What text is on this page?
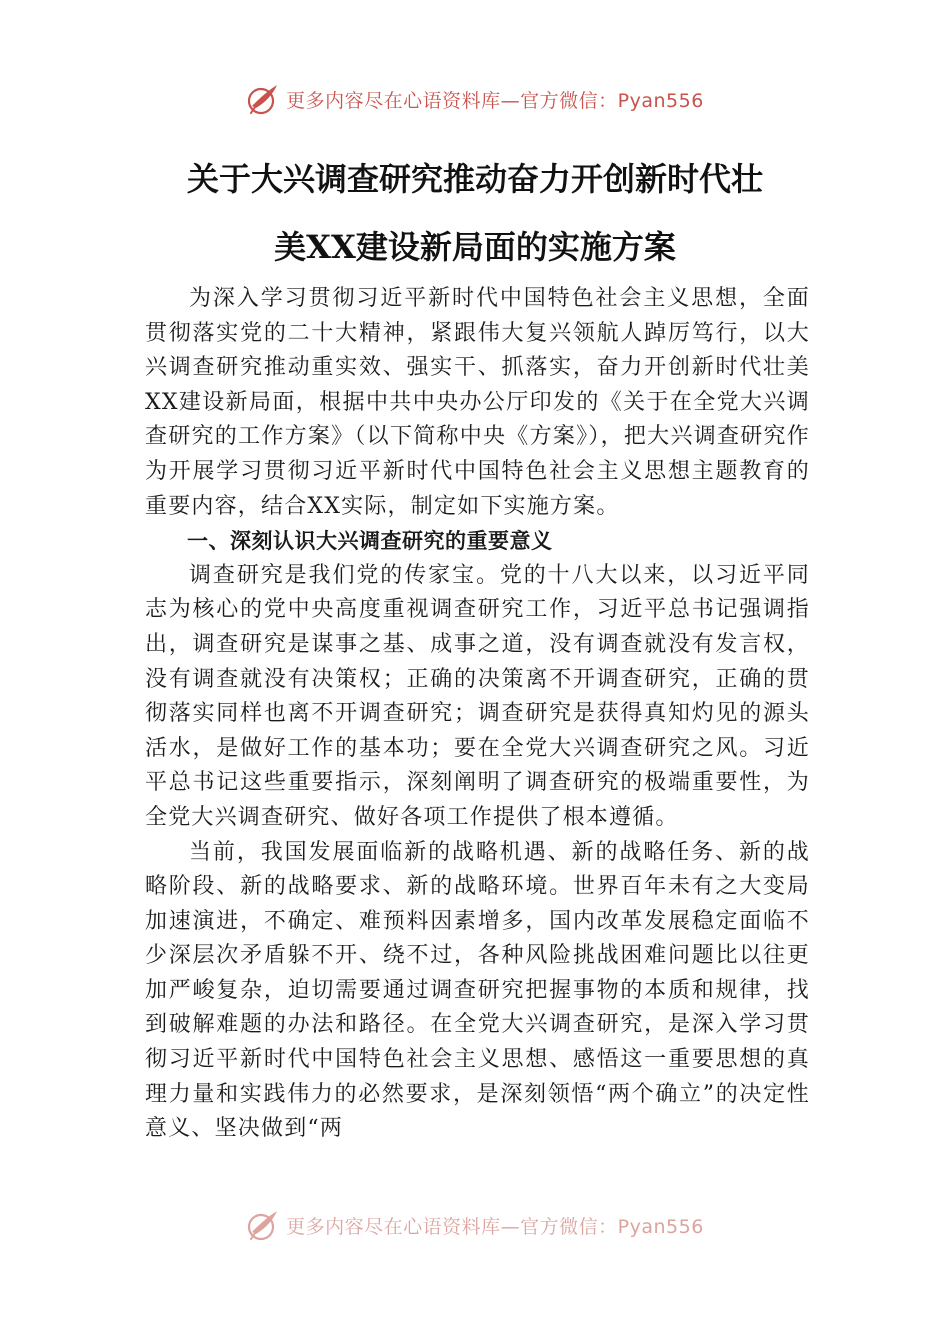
更多内容尽在心语资料库—官方微信：Pyan556
关于大兴调查研究推动奋力开创新时代壮
美XX建设新局面的实施方案

为深入学习贯彻习近平新时代中国特色社会主义思想，全面贯彻落实党的二十大精神，紧跟伟大复兴领航人踔厉笃行，以大兴调查研究推动重实效、强实干、抓落实，奋力开创新时代壮美XX建设新局面，根据中共中央办公厅印发的《关于在全党大兴调查研究的工作方案》（以下简称中央《方案》），把大兴调查研究作为开展学习贯彻习近平新时代中国特色社会主义思想主题教育的重要内容，结合XX实际，制定如下实施方案。

一、深刻认识大兴调查研究的重要意义

调查研究是我们党的传家宝。党的十八大以来，以习近平同志为核心的党中央高度重视调查研究工作，习近平总书记强调指出，调查研究是谋事之基、成事之道，没有调查就没有发言权，没有调查就没有决策权；正确的决策离不开调查研究，正确的贯彻落实同样也离不开调查研究；调查研究是获得真知灼见的源头活水，是做好工作的基本功；要在全党大兴调查研究之风。习近平总书记这些重要指示，深刻阐明了调查研究的极端重要性，为全党大兴调查研究、做好各项工作提供了根本遵循。

当前，我国发展面临新的战略机遇、新的战略任务、新的战略阶段、新的战略要求、新的战略环境。世界百年未有之大变局加速演进，不确定、难预料因素增多，国内改革发展稳定面临不少深层次矛盾躲不开、绕不过，各种风险挑战困难问题比以往更加严峻复杂，迫切需要通过调查研究把握事物的本质和规律，找到破解难题的办法和路径。在全党大兴调查研究，是深入学习贯彻习近平新时代中国特色社会主义思想、感悟这一重要思想的真理力量和实践伟力的必然要求，是深刻领悟“两个确立”的决定性意义、坚决做到“两

更多内容尽在心语资料库—官方微信：Pyan556
